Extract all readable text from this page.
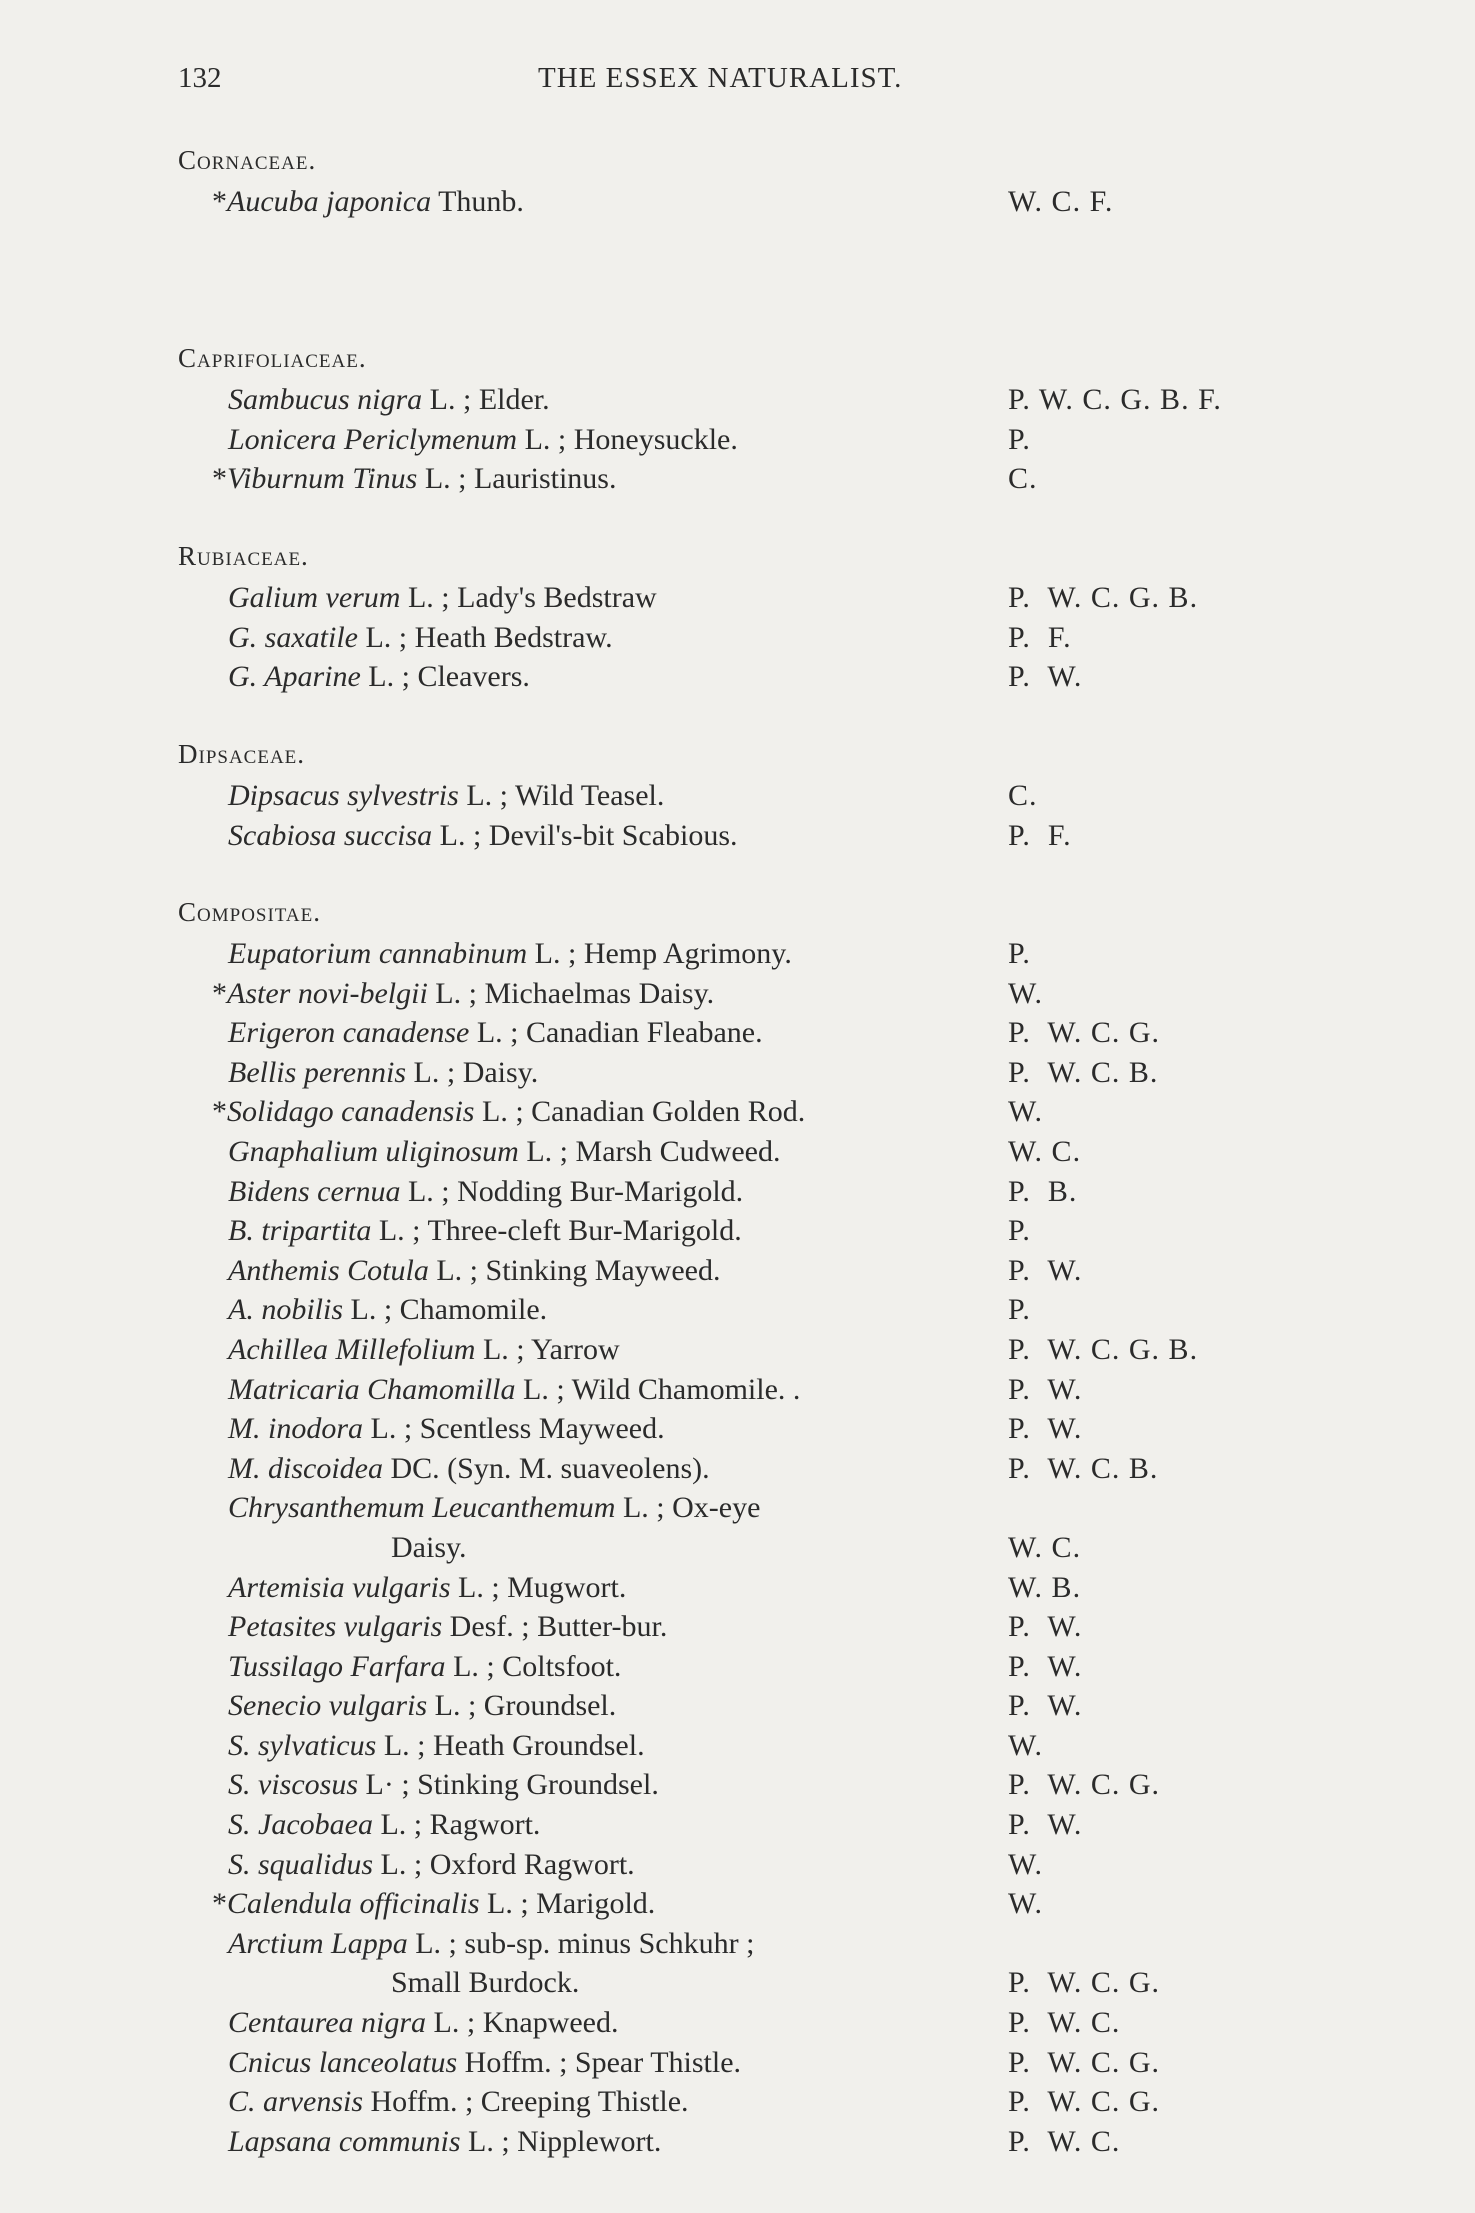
132	THE ESSEX NATURALIST.
Cornaceae.
*Aucuba japonica Thunb.	W. C. F.
Caprifoliaceae.
Sambucus nigra L. ; Elder.	P. W. C. G. B. F.
Lonicera Periclymenum L. ; Honeysuckle.	P.
*Viburnum Tinus L. ; Lauristinus.	C.
Rubiaceae.
Galium verum L. ; Lady's Bedstraw	P.  W. C. G. B.
G. saxatile L. ; Heath Bedstraw.	P.  F.
G. Aparine L. ; Cleavers.	P.  W.
Dipsaceae.
Dipsacus sylvestris L. ; Wild Teasel.	C.
Scabiosa succisa L. ; Devil's-bit Scabious.	P.  F.
Compositae.
Eupatorium cannabinum L. ; Hemp Agrimony.	P.
*Aster novi-belgii L. ; Michaelmas Daisy.	W.
Erigeron canadense L. ; Canadian Fleabane.	P.  W. C. G.
Bellis perennis L. ; Daisy.	P.  W. C. B.
*Solidago canadensis L. ; Canadian Golden Rod.	W.
Gnaphalium uliginosum L. ; Marsh Cudweed.	W. C.
Bidens cernua L. ; Nodding Bur-Marigold.	P.  B.
B. tripartita L. ; Three-cleft Bur-Marigold.	P.
Anthemis Cotula L. ; Stinking Mayweed.	P.  W.
A. nobilis L. ; Chamomile.	P.
Achillea Millefolium L. ; Yarrow	P.  W. C. G. B.
Matricaria Chamomilla L. ; Wild Chamomile. .	P.  W.
M. inodora L. ; Scentless Mayweed.	P.  W.
M. discoidea DC. (Syn. M. suaveolens).	P.  W. C. B.
Chrysanthemum Leucanthemum L. ; Ox-eye
Daisy.	W. C.
Artemisia vulgaris L. ; Mugwort.	W. B.
Petasites vulgaris Desf. ; Butter-bur.	P.  W.
Tussilago Farfara L. ; Coltsfoot.	P.  W.
Senecio vulgaris L. ; Groundsel.	P.  W.
S. sylvaticus L. ; Heath Groundsel.	W.
S. viscosus L· ; Stinking Groundsel.	P.  W. C. G.
S. Jacobaea L. ; Ragwort.	P.  W.
S. squalidus L. ; Oxford Ragwort.	W.
*Calendula officinalis L. ; Marigold.	W.
Arctium Lappa L. ; sub-sp. minus Schkuhr ;
Small Burdock.	P.  W. C. G.
Centaurea nigra L. ; Knapweed.	P.  W. C.
Cnicus lanceolatus Hoffm. ; Spear Thistle.	P.  W. C. G.
C. arvensis Hoffm. ; Creeping Thistle.	P.  W. C. G.
Lapsana communis L. ; Nipplewort.	P.  W. C.
